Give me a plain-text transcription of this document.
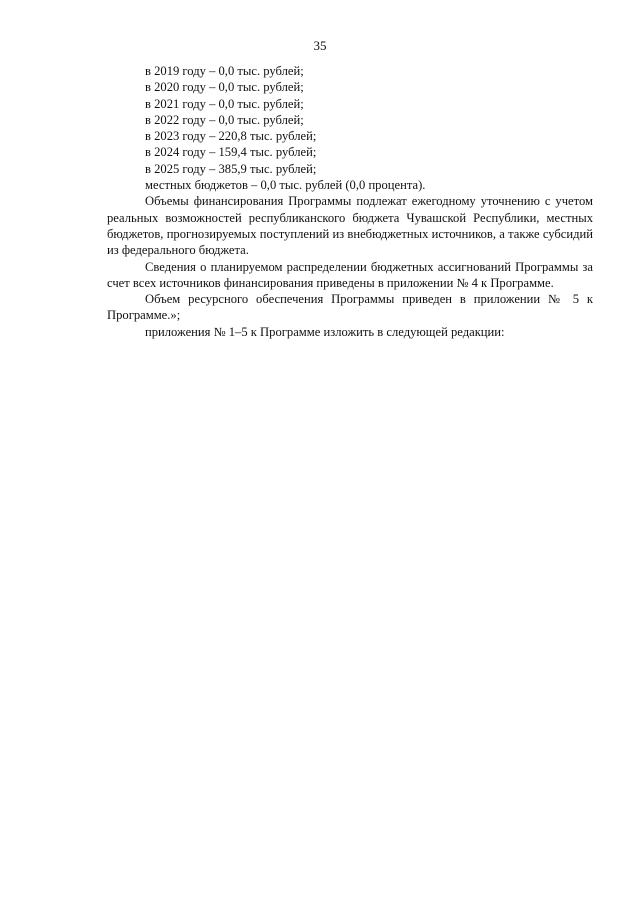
35
в 2019 году – 0,0 тыс. рублей;
в 2020 году – 0,0 тыс. рублей;
в 2021 году – 0,0 тыс. рублей;
в 2022 году – 0,0 тыс. рублей;
в 2023 году – 220,8 тыс. рублей;
в 2024 году – 159,4 тыс. рублей;
в 2025 году – 385,9 тыс. рублей;
местных бюджетов – 0,0 тыс. рублей (0,0 процента).
Объемы финансирования Программы подлежат ежегодному уточнению с учетом реальных возможностей республиканского бюджета Чувашской Республики, местных бюджетов, прогнозируемых поступлений из внебюджетных источников, а также субсидий из федерального бюджета.
Сведения о планируемом распределении бюджетных ассигнований Программы за счет всех источников финансирования приведены в приложении № 4 к Программе.
Объем ресурсного обеспечения Программы приведен в приложении № 5 к Программе.»;
приложения № 1–5 к Программе изложить в следующей редакции:
